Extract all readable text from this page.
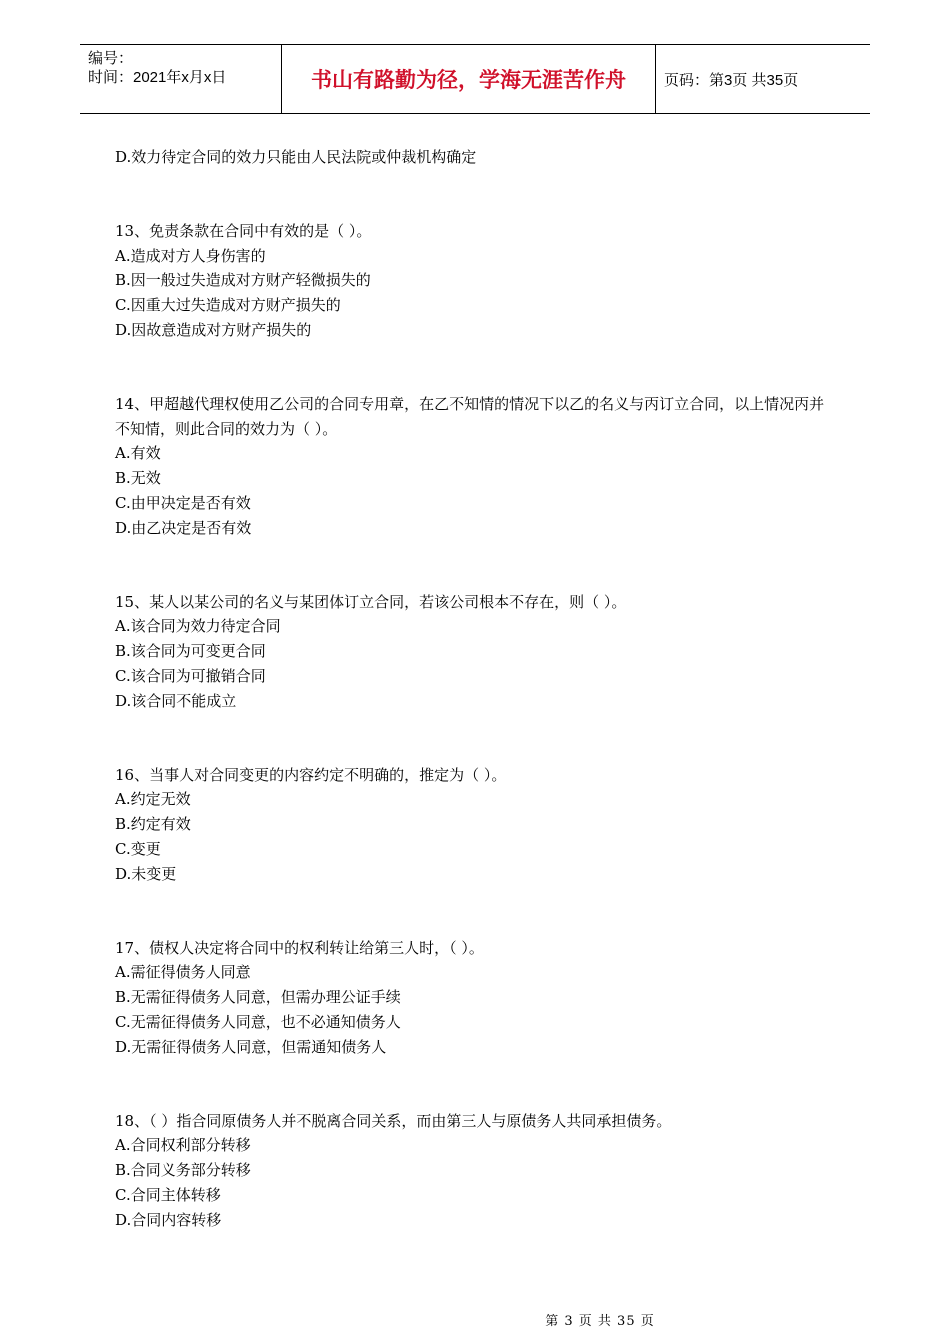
编号：
时间：2021年x月x日	书山有路勤为径，学海无涯苦作舟	页码：第3页 共35页
D.效力待定合同的效力只能由人民法院或仲裁机构确定
13、免责条款在合同中有效的是（ ）。
A.造成对方人身伤害的
B.因一般过失造成对方财产轻微损失的
C.因重大过失造成对方财产损失的
D.因故意造成对方财产损失的
14、甲超越代理权使用乙公司的合同专用章，在乙不知情的情况下以乙的名义与丙订立合同，以上情况丙并不知情，则此合同的效力为（ ）。
A.有效
B.无效
C.由甲决定是否有效
D.由乙决定是否有效
15、某人以某公司的名义与某团体订立合同，若该公司根本不存在，则（ ）。
A.该合同为效力待定合同
B.该合同为可变更合同
C.该合同为可撤销合同
D.该合同不能成立
16、当事人对合同变更的内容约定不明确的，推定为（ ）。
A.约定无效
B.约定有效
C.变更
D.未变更
17、债权人决定将合同中的权利转让给第三人时，（ ）。
A.需征得债务人同意
B.无需征得债务人同意，但需办理公证手续
C.无需征得债务人同意，也不必通知债务人
D.无需征得债务人同意，但需通知债务人
18、（ ）指合同原债务人并不脱离合同关系，而由第三人与原债务人共同承担债务。
A.合同权利部分转移
B.合同义务部分转移
C.合同主体转移
D.合同内容转移
第 3 页 共 35 页
